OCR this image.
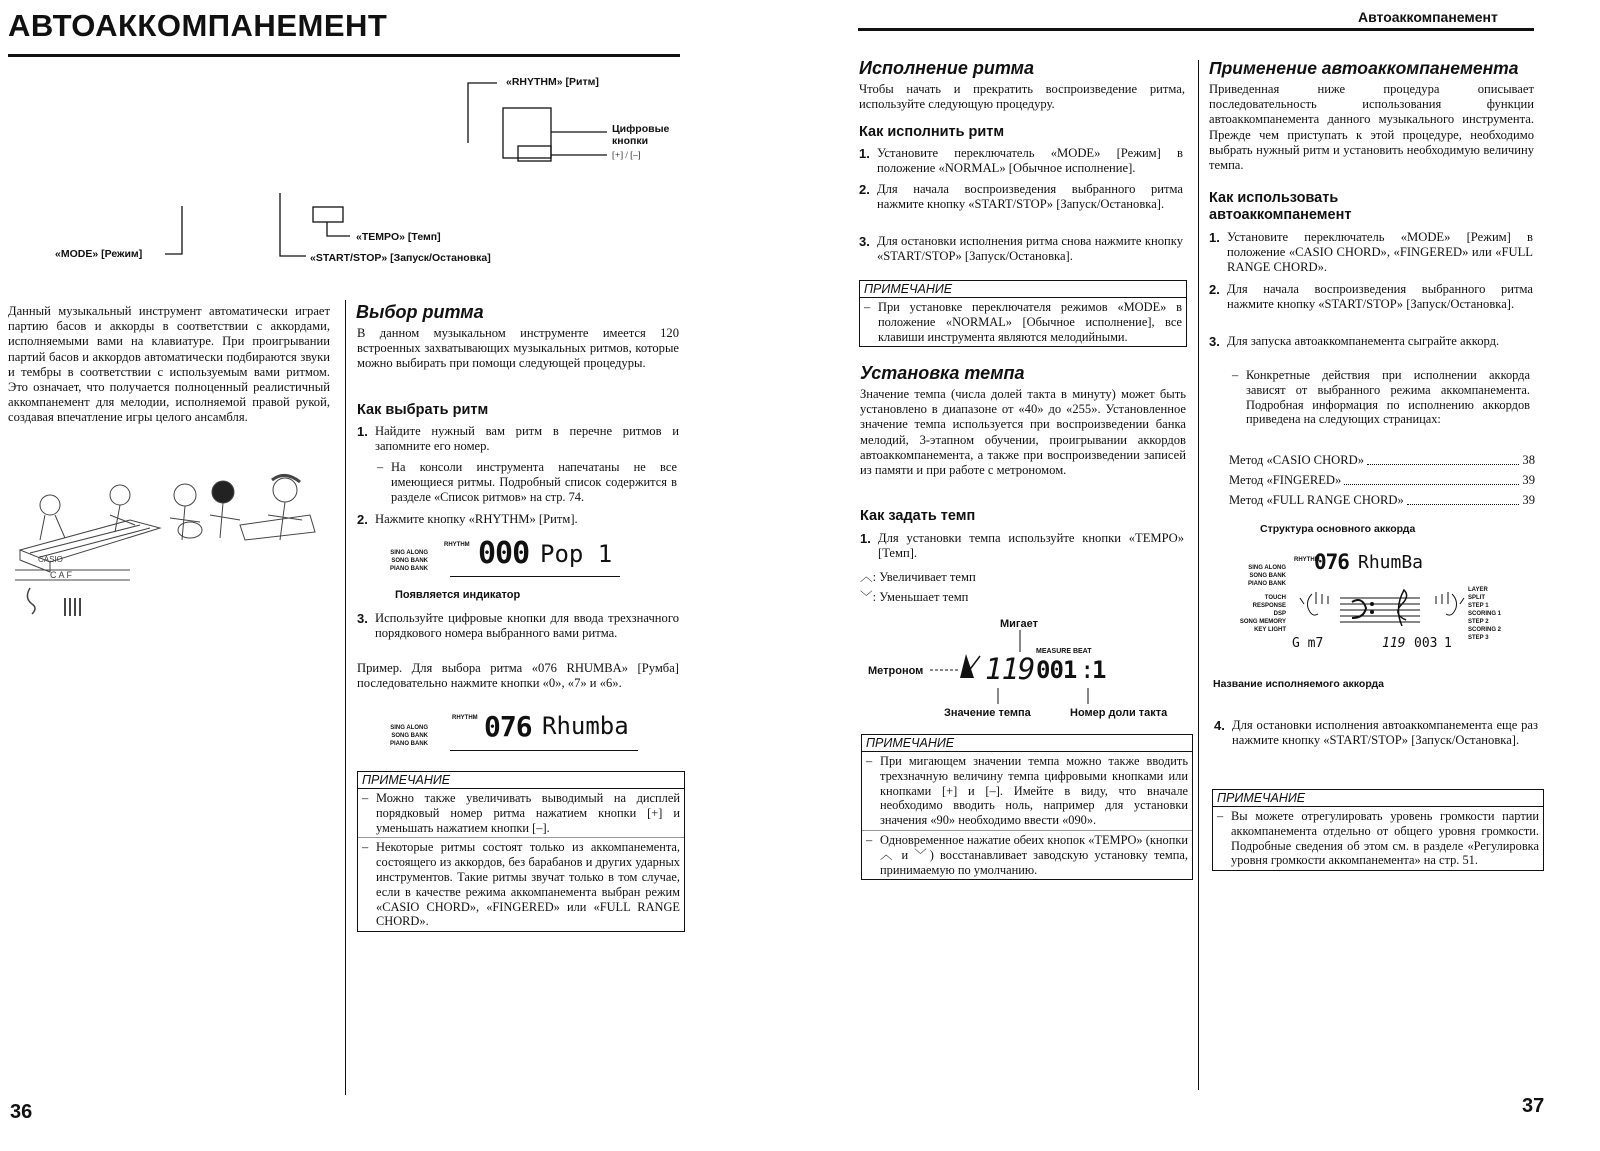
АВТОАККОМПАНЕМЕНТ
«RHYTHM» [Ритм]
Цифровые кнопки
[+] / [–]
«MODE» [Режим]
«TEMPO» [Темп]
«START/STOP» [Запуск/Остановка]
Данный музыкальный инструмент автоматически играет партию басов и аккорды в соответствии с аккордами, исполняемыми вами на клавиатуре. При проигрывании партий басов и аккордов автоматически подбираются звуки и тембры в соответствии с используемым вами ритмом. Это означает, что получается полноценный реалистичный аккомпанемент для мелодии, исполняемой правой рукой, создавая впечатление игры целого ансамбля.
CASIO
C A F
Выбор ритма
В данном музыкальном инструменте имеется 120 встроенных захватывающих музыкальных ритмов, которые можно выбирать при помощи следующей процедуры.
Как выбрать ритм
1. Найдите нужный вам ритм в перечне ритмов и запомните его номер.
– На консоли инструмента напечатаны не все имеющиеся ритмы. Подробный список содержится в разделе «Список ритмов» на стр. 74.
2. Нажмите кнопку «RHYTHM» [Ритм].
SING ALONG
SONG BANK
PIANO BANK
RHYTHM 000 Pop 1
Появляется индикатор
3. Используйте цифровые кнопки для ввода трехзначного порядкового номера выбранного вами ритма.
Пример. Для выбора ритма «076 RHUMBA» [Румба] последовательно нажмите кнопки «0», «7» и «6».
SING ALONG
SONG BANK
PIANO BANK
RHYTHM 076 Rhumba
ПРИМЕЧАНИЕ
– Можно также увеличивать выводимый на дисплей порядковый номер ритма нажатием кнопки [+] и уменьшать нажатием кнопки [–].
– Некоторые ритмы состоят только из аккомпанемента, состоящего из аккордов, без барабанов и других ударных инструментов. Такие ритмы звучат только в том случае, если в качестве режима аккомпанемента выбран режим «CASIO CHORD», «FINGERED» или «FULL RANGE CHORD».
36
Автоаккомпанемент
Исполнение ритма
Чтобы начать и прекратить воспроизведение ритма, используйте следующую процедуру.
Как исполнить ритм
1. Установите переключатель «MODE» [Режим] в положение «NORMAL» [Обычное исполнение].
2. Для начала воспроизведения выбранного ритма нажмите кнопку «START/STOP» [Запуск/Остановка].
3. Для остановки исполнения ритма снова нажмите кнопку «START/STOP» [Запуск/Остановка].
ПРИМЕЧАНИЕ
– При установке переключателя режимов «MODE» в положение «NORMAL» [Обычное исполнение], все клавиши инструмента являются мелодийными.
Установка темпа
Значение темпа (числа долей такта в минуту) может быть установлено в диапазоне от «40» до «255». Установленное значение темпа используется при воспроизведении банка мелодий, 3-этапном обучении, проигрывании аккордов автоаккомпанемента, а также при воспроизведении записей из памяти и при работе с метрономом.
Как задать темп
1. Для установки темпа используйте кнопки «TEMPO» [Темп].
︿: Увеличивает темп
﹀: Уменьшает темп
Мигает
Метроном
MEASURE BEAT
119 001 :
1
Значение темпа	Номер доли такта
ПРИМЕЧАНИЕ
– При мигающем значении темпа можно также вводить трехзначную величину темпа цифровыми кнопками или кнопками [+] и [–]. Имейте в виду, что вначале необходимо вводить ноль, например для установки значения «90» необходимо ввести «090».
– Одновременное нажатие обеих кнопок «TEMPO» (кнопки ︿ и ﹀) восстанавливает заводскую установку темпа, принимаемую по умолчанию.
Применение автоаккомпанемента
Приведенная ниже процедура описывает последовательность использования функции автоаккомпанемента данного музыкального инструмента. Прежде чем приступать к этой процедуре, необходимо выбрать нужный ритм и установить необходимую величину темпа.
Как использовать автоаккомпанемент
1. Установите переключатель «MODE» [Режим] в положение «CASIO CHORD», «FINGERED» или «FULL RANGE CHORD».
2. Для начала воспроизведения выбранного ритма нажмите кнопку «START/STOP» [Запуск/Остановка].
3. Для запуска автоаккомпанемента сыграйте аккорд.
– Конкретные действия при исполнении аккорда зависят от выбранного режима аккомпанемента. Подробная информация по исполнению аккордов приведена на следующих страницах:
Метод «CASIO CHORD»	38
Метод «FINGERED»	39
Метод «FULL RANGE CHORD»	39
Структура основного аккорда
SING ALONG
SONG BANK
PIANO BANK
TOUCH RESPONSE
DSP
SONG MEMORY
KEY LIGHT
RHYTHM
076 RhumBa
G m7	119 003 1
LAYER
SPLIT
STEP 1
SCORING 1
STEP 2
SCORING 2
STEP 3
Название исполняемого аккорда
4. Для остановки исполнения автоаккомпанемента еще раз нажмите кнопку «START/STOP» [Запуск/Остановка].
ПРИМЕЧАНИЕ
– Вы можете отрегулировать уровень громкости партии аккомпанемента отдельно от общего уровня громкости. Подробные сведения об этом см. в разделе «Регулировка уровня громкости аккомпанемента» на стр. 51.
37
